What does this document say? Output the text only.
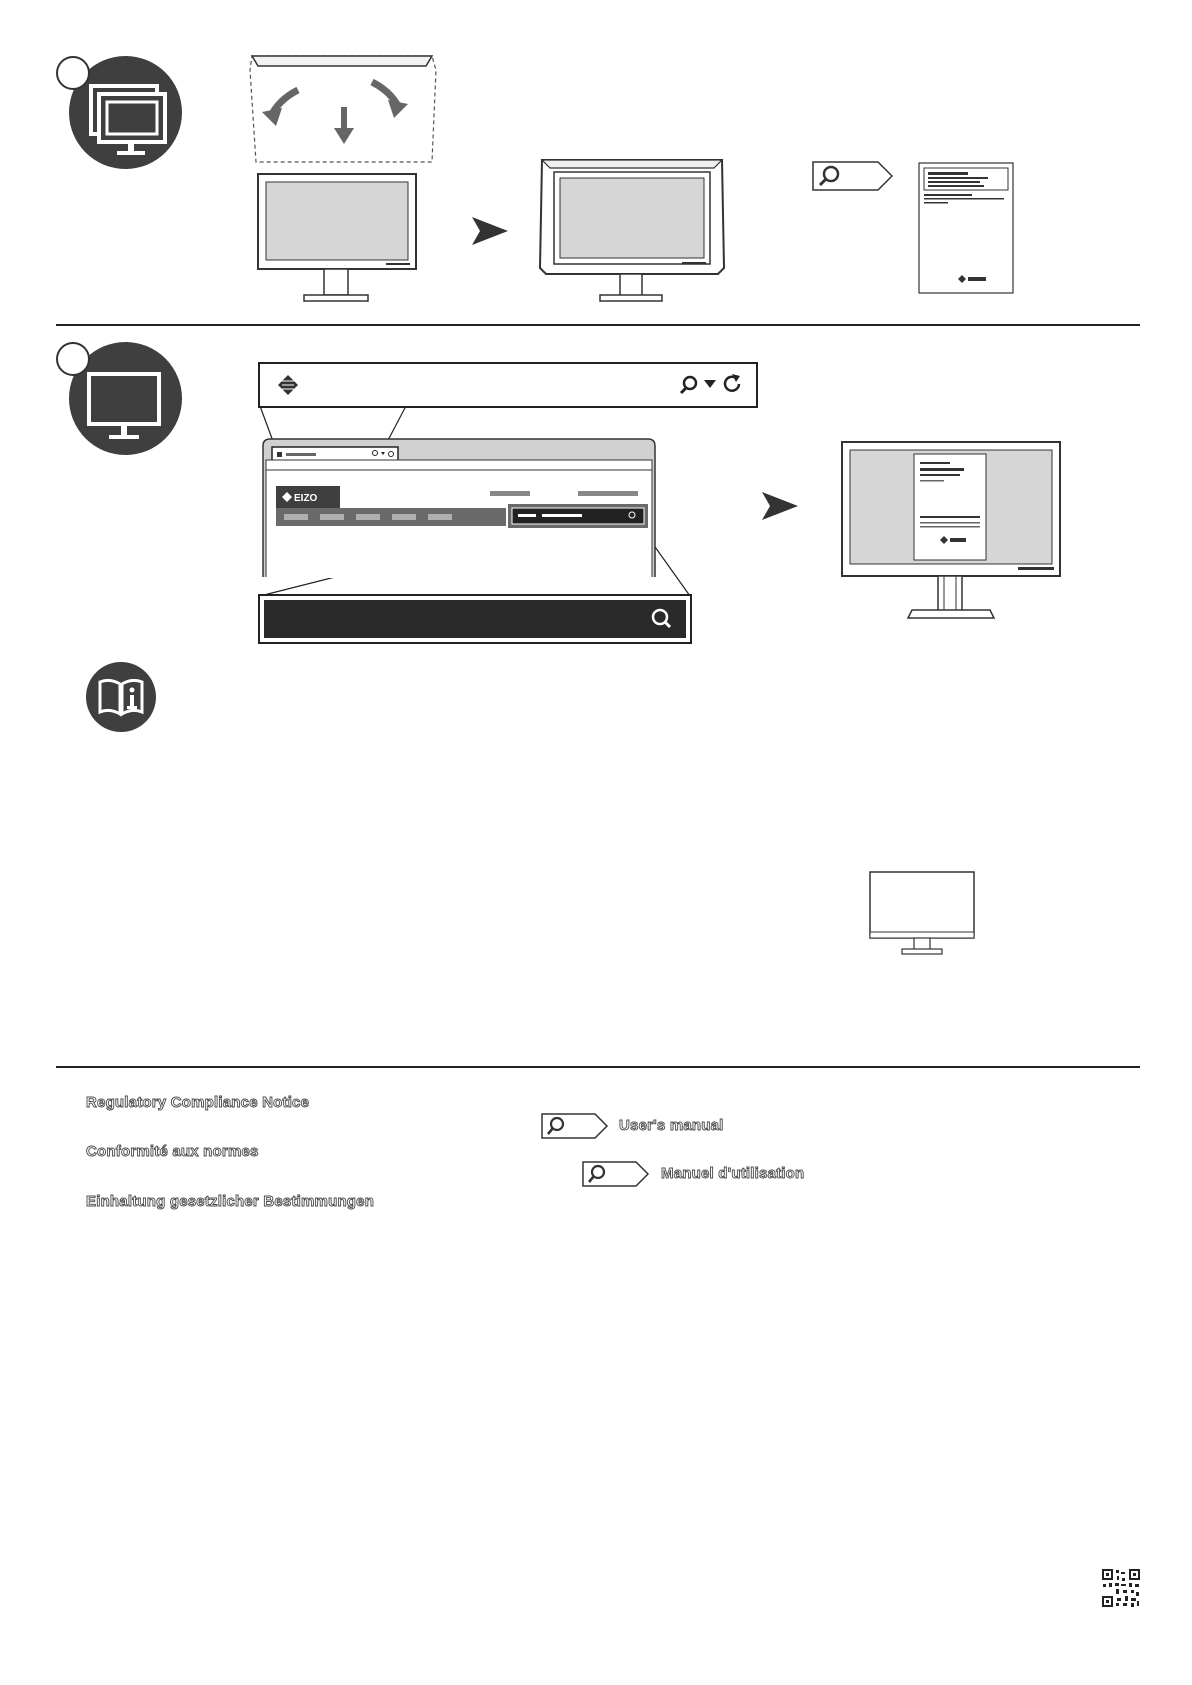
EIZO
Regulatory Compliance Notice
Conformité aux normes
Einhaltung gesetzlicher Bestimmungen
User's manual
Manuel d'utilisation
